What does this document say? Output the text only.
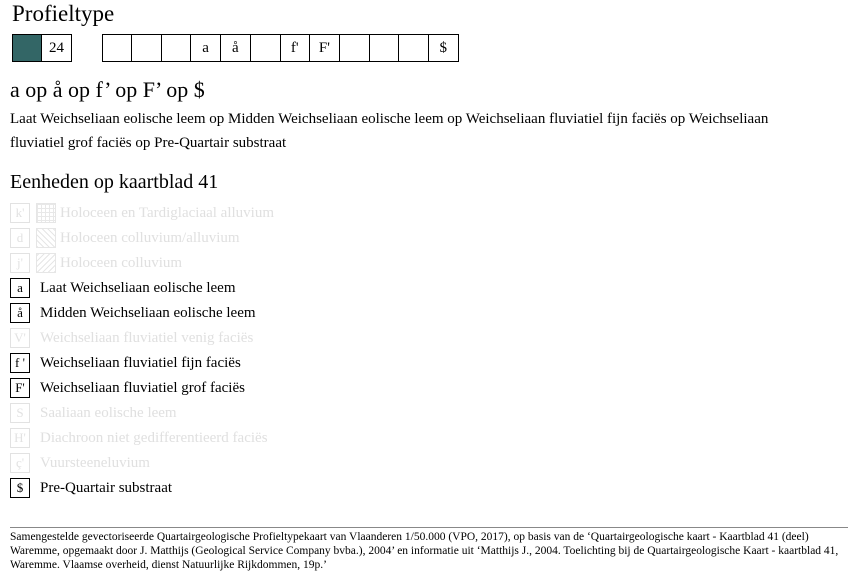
Profieltype
24	a	å	f'	F'	$
a op å op f’ op F’ op $
Laat Weichseliaan eolische leem op Midden Weichseliaan eolische leem op Weichseliaan fluviatiel fijn faciës op Weichseliaan fluviatiel grof faciës op Pre-Quartair substraat
Eenheden op kaartblad 41
k'	Holoceen en Tardiglaciaal alluvium
d	Holoceen colluvium/alluvium
j'	Holoceen colluvium
a	Laat Weichseliaan eolische leem
å	Midden Weichseliaan eolische leem
V' Weichseliaan fluviatiel venig faciës
f '	Weichseliaan fluviatiel fijn faciës
F'	Weichseliaan fluviatiel grof faciës
S	Saaliaan eolische leem
H' Diachroon niet gedifferentieerd faciës
ç'	Vuursteeneluvium
$	Pre-Quartair substraat
Samengestelde gevectoriseerde Quartairgeologische Profieltypekaart van Vlaanderen 1/50.000 (VPO, 2017), op basis van de ‘Quartairgeologische kaart - Kaartblad 41 (deel) Waremme, opgemaakt door J. Matthijs (Geological Service Company bvba.), 2004’ en informatie uit ‘Matthijs J., 2004. Toelichting bij de Quartairgeologische Kaart - kaartblad 41, Waremme. Vlaamse overheid, dienst Natuurlijke Rijkdommen, 19p.’
